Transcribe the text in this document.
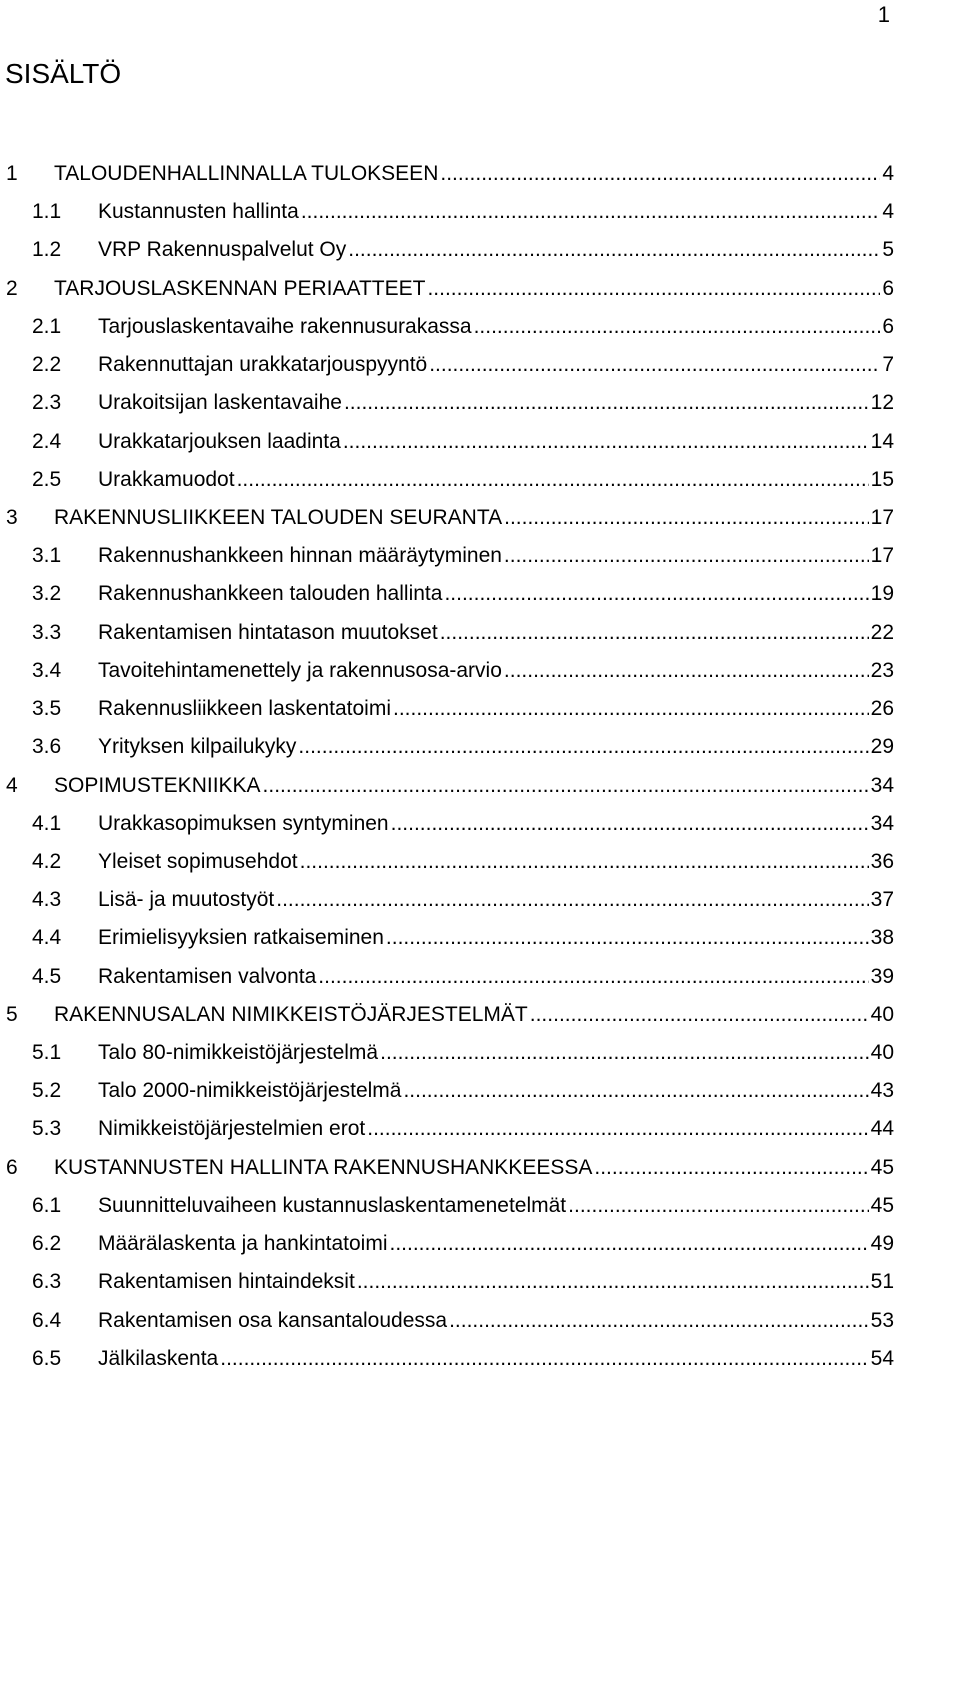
1
SISÄLTÖ
1	TALOUDENHALLINNALLA TULOKSEEN .....	4
1.1	Kustannusten hallinta .....	4
1.2	VRP Rakennuspalvelut Oy .....	5
2	TARJOUSLASKENNAN PERIAATTEET .....	6
2.1	Tarjouslaskentavaihe rakennusurakassa .....	6
2.2	Rakennuttajan urakkatarjouspyyntö .....	7
2.3	Urakoitsijan laskentavaihe .....	12
2.4	Urakkatarjouksen laadinta .....	14
2.5	Urakkamuodot .....	15
3	RAKENNUSLIIKKEEN TALOUDEN SEURANTA .....	17
3.1	Rakennushankkeen hinnan määräytyminen .....	17
3.2	Rakennushankkeen talouden hallinta .....	19
3.3	Rakentamisen hintatason muutokset .....	22
3.4	Tavoitehintamenettely ja rakennusosa-arvio .....	23
3.5	Rakennusliikkeen laskentatoimi .....	26
3.6	Yrityksen kilpailukyky .....	29
4	SOPIMUSTEKNIIKKA .....	34
4.1	Urakkasopimuksen syntyminen .....	34
4.2	Yleiset sopimusehdot .....	36
4.3	Lisä- ja muutostyöt .....	37
4.4	Erimielisyyksien ratkaiseminen .....	38
4.5	Rakentamisen valvonta .....	39
5	RAKENNUSALAN NIMIKKEISTÖJÄRJESTELMÄT .....	40
5.1	Talo 80-nimikkeistöjärjestelmä .....	40
5.2	Talo 2000-nimikkeistöjärjestelmä .....	43
5.3	Nimikkeistöjärjestelmien erot .....	44
6	KUSTANNUSTEN HALLINTA RAKENNUSHANKKEESSA .....	45
6.1	Suunnitteluvaiheen kustannuslaskentamenetelmät .....	45
6.2	Määrälaskenta ja hankintatoimi .....	49
6.3	Rakentamisen hintaindeksit .....	51
6.4	Rakentamisen osa kansantaloudessa .....	53
6.5	Jälkilaskenta .....	54
